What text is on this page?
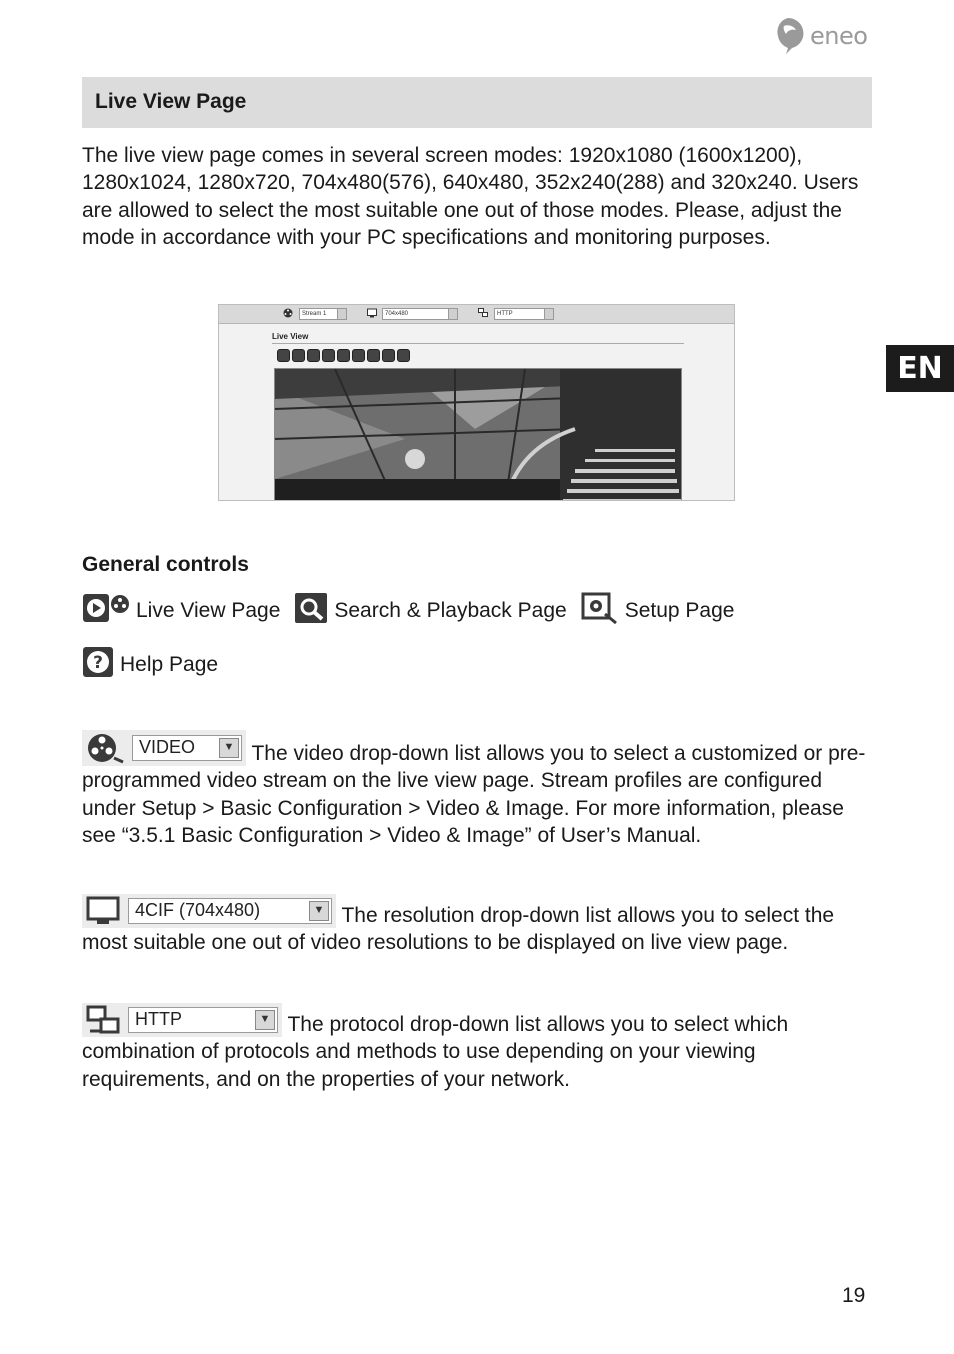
eneo
EN
Live View Page

The live view page comes in several screen modes: 1920x1080 (1600x1200), 1280x1024, 1280x720, 704x480(576), 640x480, 352x240(288) and 320x240. Users are allowed to select the most suitable one out of those modes. Please, adjust the mode in accordance with your PC specifications and monitoring purposes.

Stream 1	704x480	HTTP
Live View
General controls
Live View Page	Search & Playback Page	Setup Page
? Help Page

VIDEO	▼ The video drop-down list allows you to select a customized or pre-programmed video stream on the live view page. Stream profiles are configured under Setup > Basic Configuration > Video & Image. For more information, please see “3.5.1 Basic Configuration > Video & Image” of User’s Manual.

4CIF (704x480)	▼ The resolution drop-down list allows you to select the most suitable one out of video resolutions to be displayed on live view page.

HTTP	▼ The protocol drop-down list allows you to select which combination of protocols and methods to use depending on your viewing requirements, and on the properties of your network.

19
